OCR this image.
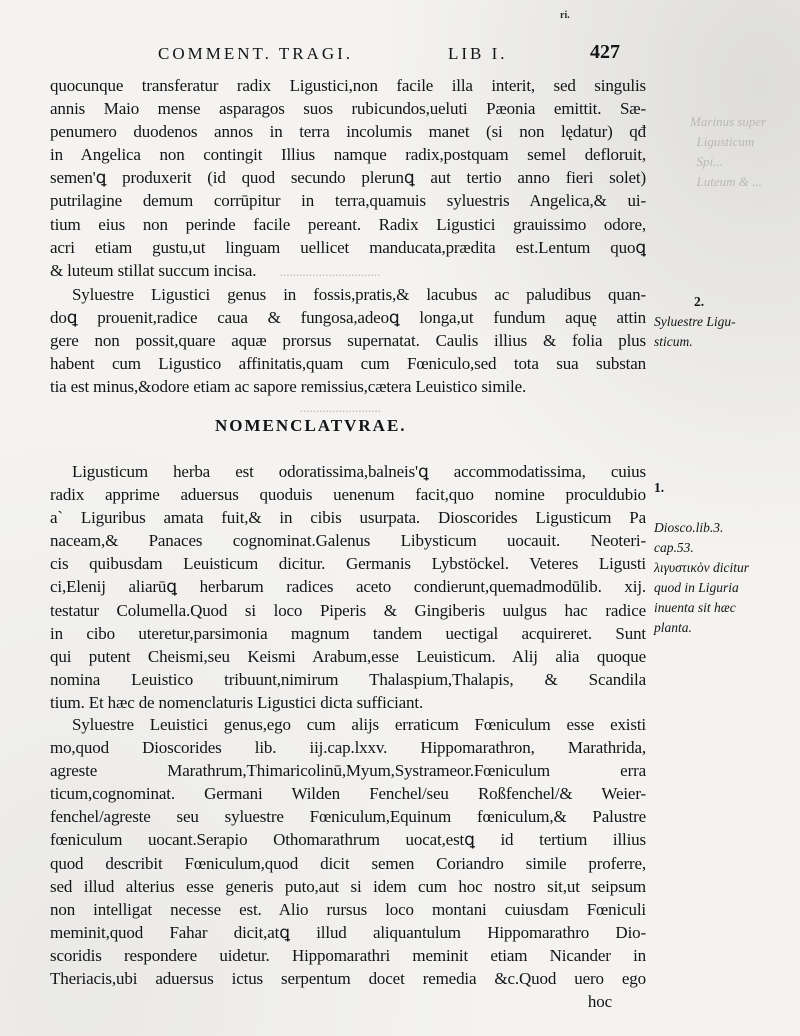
Marinus super
Ligusticum
Spi...
Luteum & ...
...............................
.........................
ri.
COMMENT. TRAGI.	LIB I.	427
quocunque transferatur radix Ligustici,non facile illa interit, sed singulis
annis Maio mense asparagos suos rubicundos,ueluti Pæonia emittit. Sæ-
penumero duodenos annos in terra incolumis manet (si non lędatur) qđ
in Angelica non contingit Illius namque radix,postquam semel defloruit,
semen'ꝗ produxerit (id quod secundo plerunꝗ aut tertio anno fieri solet)
putrilagine demum corrūpitur in terra,quamuis syluestris Angelica,& ui-
tium eius non perinde facile pereant. Radix Ligustici grauissimo odore,
acri etiam gustu,ut linguam uellicet manducata,prædita est.Lentum quoꝗ
& luteum stillat succum incisa.
Syluestre Ligustici genus in fossis,pratis,& lacubus ac paludibus quan-
doꝗ prouenit,radice caua & fungosa,adeoꝗ longa,ut fundum aquę attin
gere non possit,quare aquæ prorsus supernatat. Caulis illius & folia plus
habent cum Ligustico affinitatis,quam cum Fœniculo,sed tota sua substan
tia est minus,&odore etiam ac sapore remissius,cætera Leuistico simile.
NOMENCLATVRAE.
Ligusticum herba est odoratissima,balneis'ꝗ accommodatissima, cuius
radix apprime aduersus quoduis uenenum facit,quo nomine proculdubio
a` Liguribus amata fuit,& in cibis usurpata. Dioscorides Ligusticum Pa
naceam,& Panaces cognominat.Galenus Libysticum uocauit. Neoteri-
cis quibusdam Leuisticum dicitur. Germanis Lybstöckel. Veteres Ligusti
ci,Elenij aliarūꝗ herbarum radices aceto condierunt,quemadmodūlib. xij.
testatur Columella.Quod si loco Piperis & Gingiberis uulgus hac radice
in cibo uteretur,parsimonia magnum tandem uectigal acquireret. Sunt
qui putent Cheismi,seu Keismi Arabum,esse Leuisticum. Alij alia quoque
nomina Leuistico tribuunt,nimirum Thalaspium,Thalapis, & Scandila
tium. Et hæc de nomenclaturis Ligustici dicta sufficiant.
Syluestre Leuistici genus,ego cum alijs erraticum Fœniculum esse existi
mo,quod Dioscorides lib. iij.cap.lxxv. Hippomarathron, Marathrida,
agreste Marathrum,Thimaricolinū,Myum,Systrameor.Fœniculum erra
ticum,cognominat. Germani Wilden Fenchel/seu Roßfenchel/& Weier-
fenchel/agreste seu syluestre Fœniculum,Equinum fœniculum,& Palustre
fœniculum uocant.Serapio Othomarathrum uocat,estꝗ id tertium illius
quod describit Fœniculum,quod dicit semen Coriandro simile proferre,
sed illud alterius esse generis puto,aut si idem cum hoc nostro sit,ut seipsum
non intelligat necesse est. Alio rursus loco montani cuiusdam Fœniculi
meminit,quod Fahar dicit,atꝗ illud aliquantulum Hippomarathro Dio-
scoridis respondere uidetur. Hippomarathri meminit etiam Nicander in
Theriacis,ubi aduersus ictus serpentum docet remedia &c.Quod uero ego
hoc
2.
Syluestre Ligu-
sticum.
1.
Diosco.lib.3.
cap.53.
λιγυστικὸν dicitur
quod in Liguria
inuenta sit hæc
planta.
